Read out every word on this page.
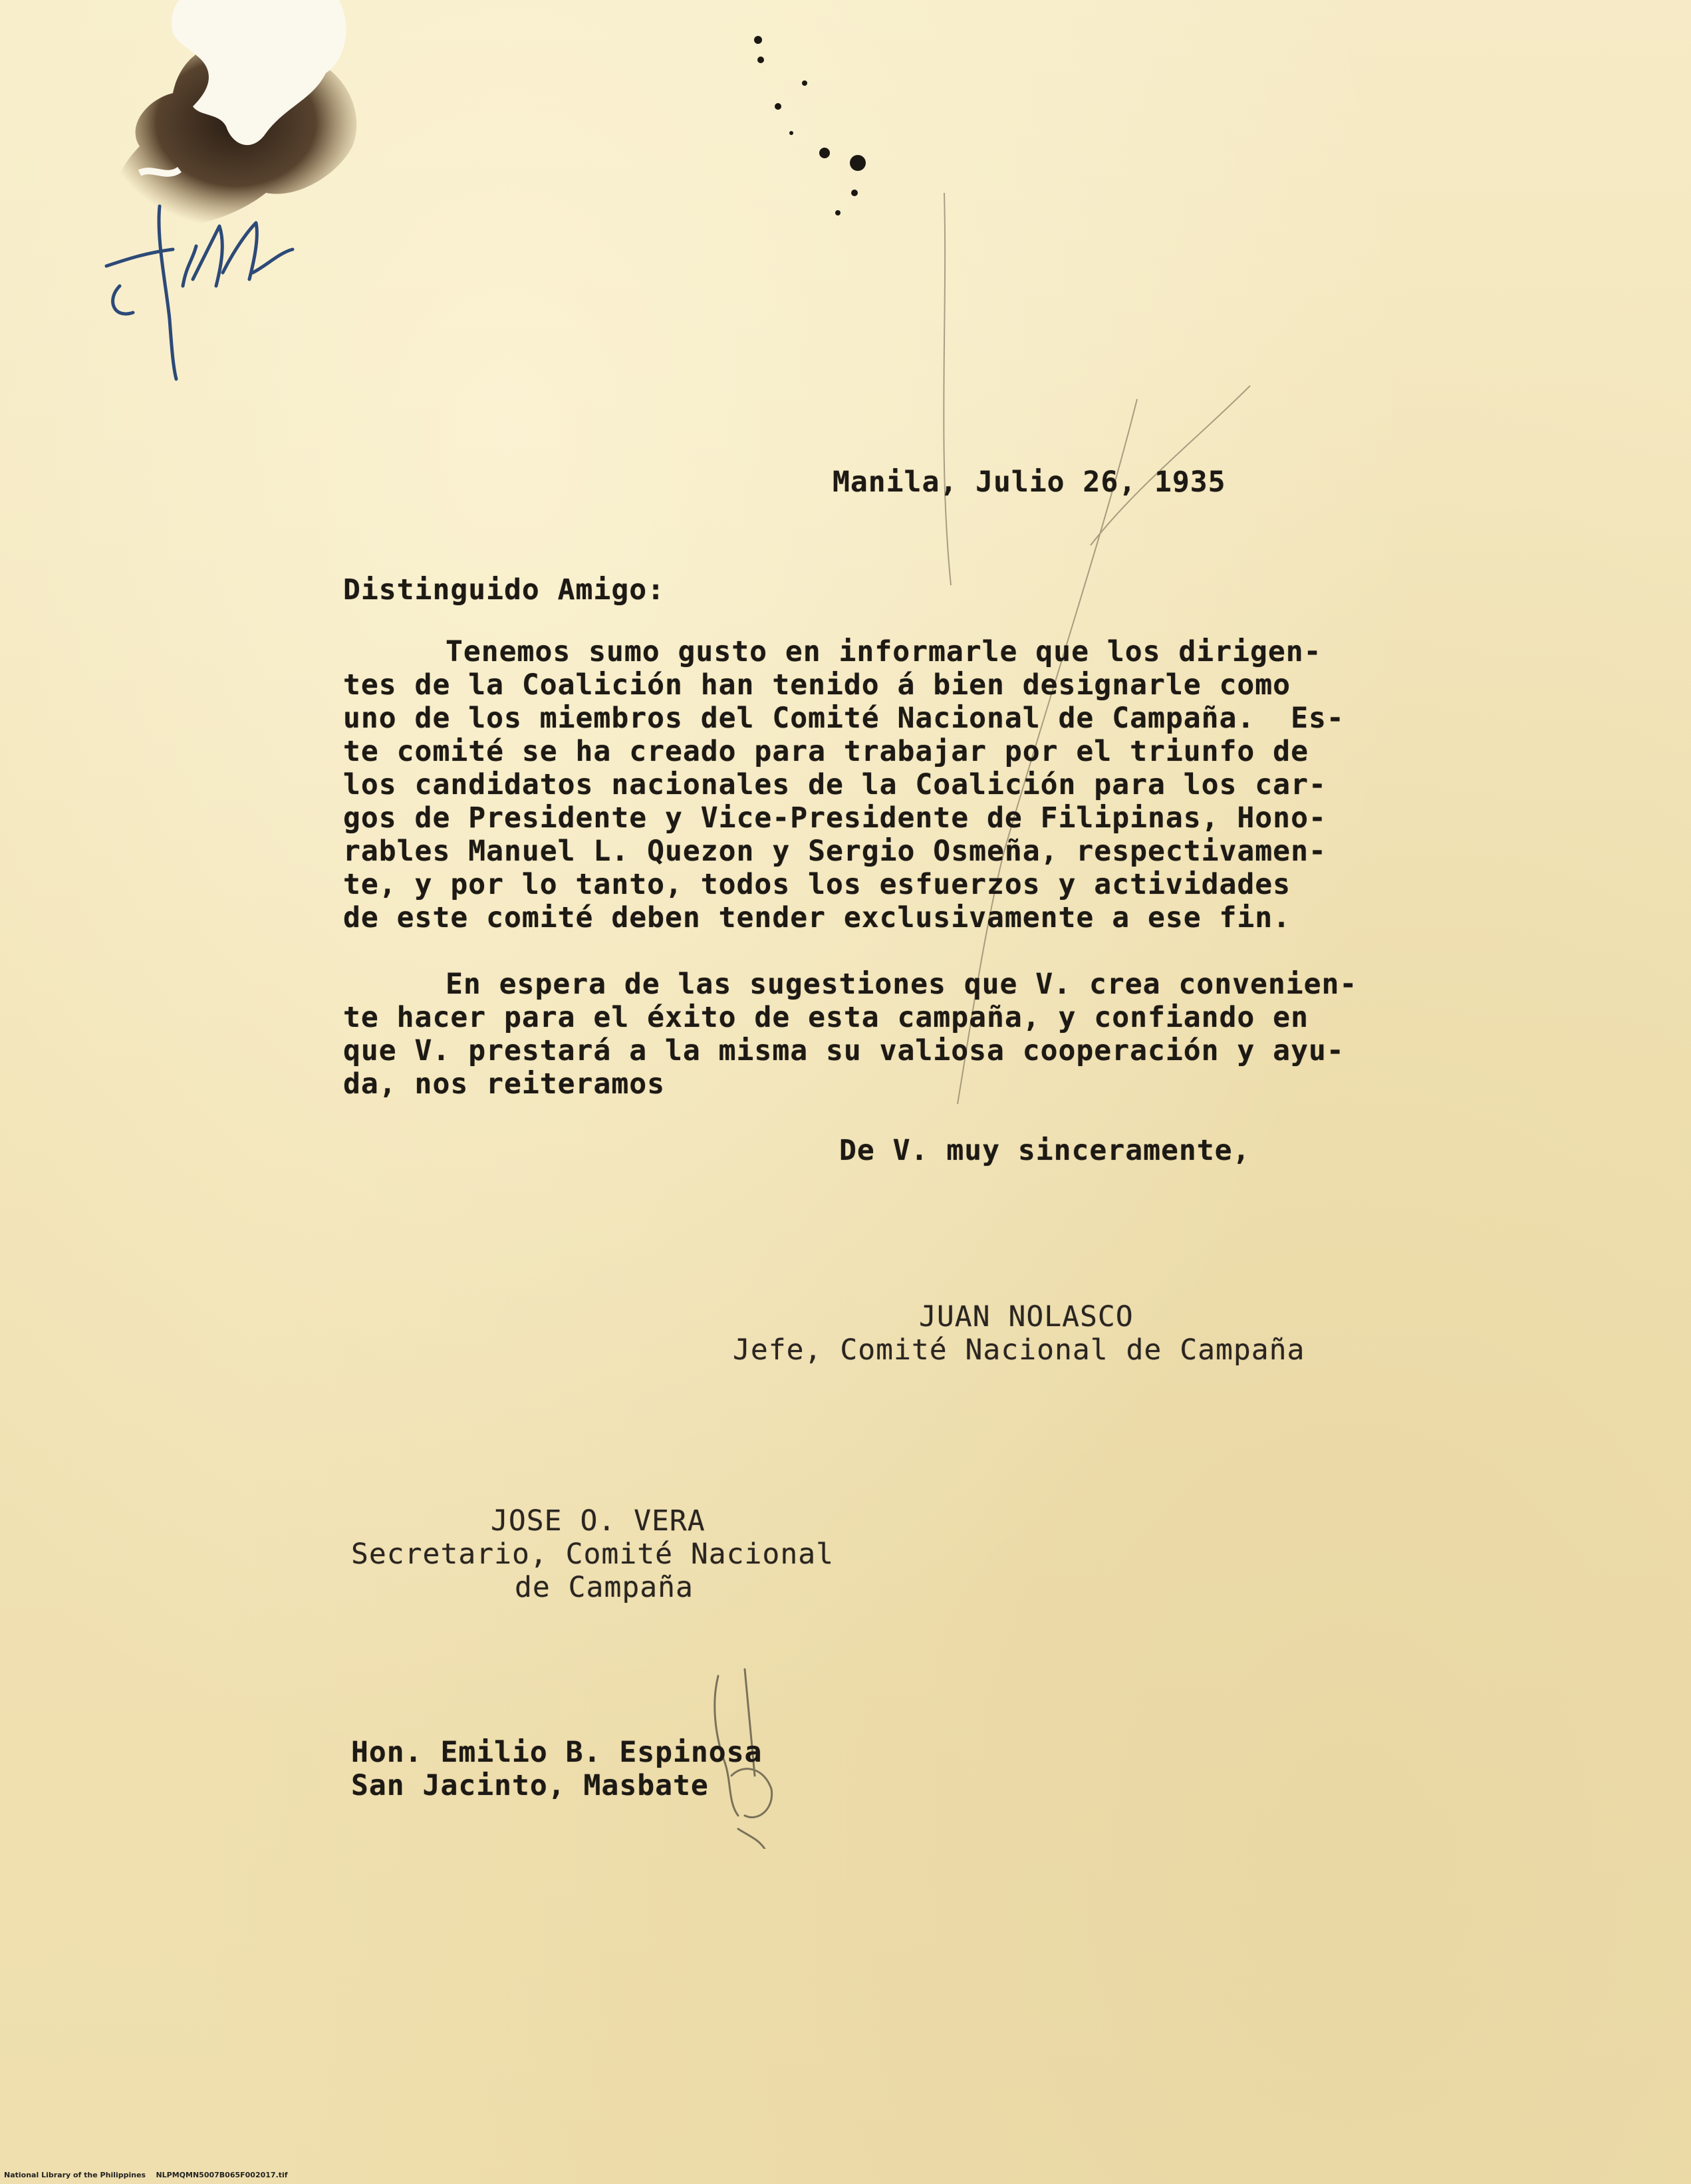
File
Manila, Julio 26, 1935
Distinguido Amigo:
Tenemos sumo gusto en informarle que los dirigen-
tes de la Coalición han tenido á bien designarle como
uno de los miembros del Comité Nacional de Campaña.  Es-
te comité se ha creado para trabajar por el triunfo de
los candidatos nacionales de la Coalición para los car-
gos de Presidente y Vice-Presidente de Filipinas, Hono-
rables Manuel L. Quezon y Sergio Osmeña, respectivamen-
te, y por lo tanto, todos los esfuerzos y actividades
de este comité deben tender exclusivamente a ese fin.
En espera de las sugestiones que V. crea convenien-
te hacer para el éxito de esta campaña, y confiando en
que V. prestará a la misma su valiosa cooperación y ayu-
da, nos reiteramos
De V. muy sinceramente,
JUAN NOLASCO
Jefe, Comité Nacional de Campaña
JOSE O. VERA
Secretario, Comité Nacional
de Campaña
Hon. Emilio B. Espinosa
San Jacinto, Masbate
National Library of the Philippines NLPMQMN5007B065F002017.tif
